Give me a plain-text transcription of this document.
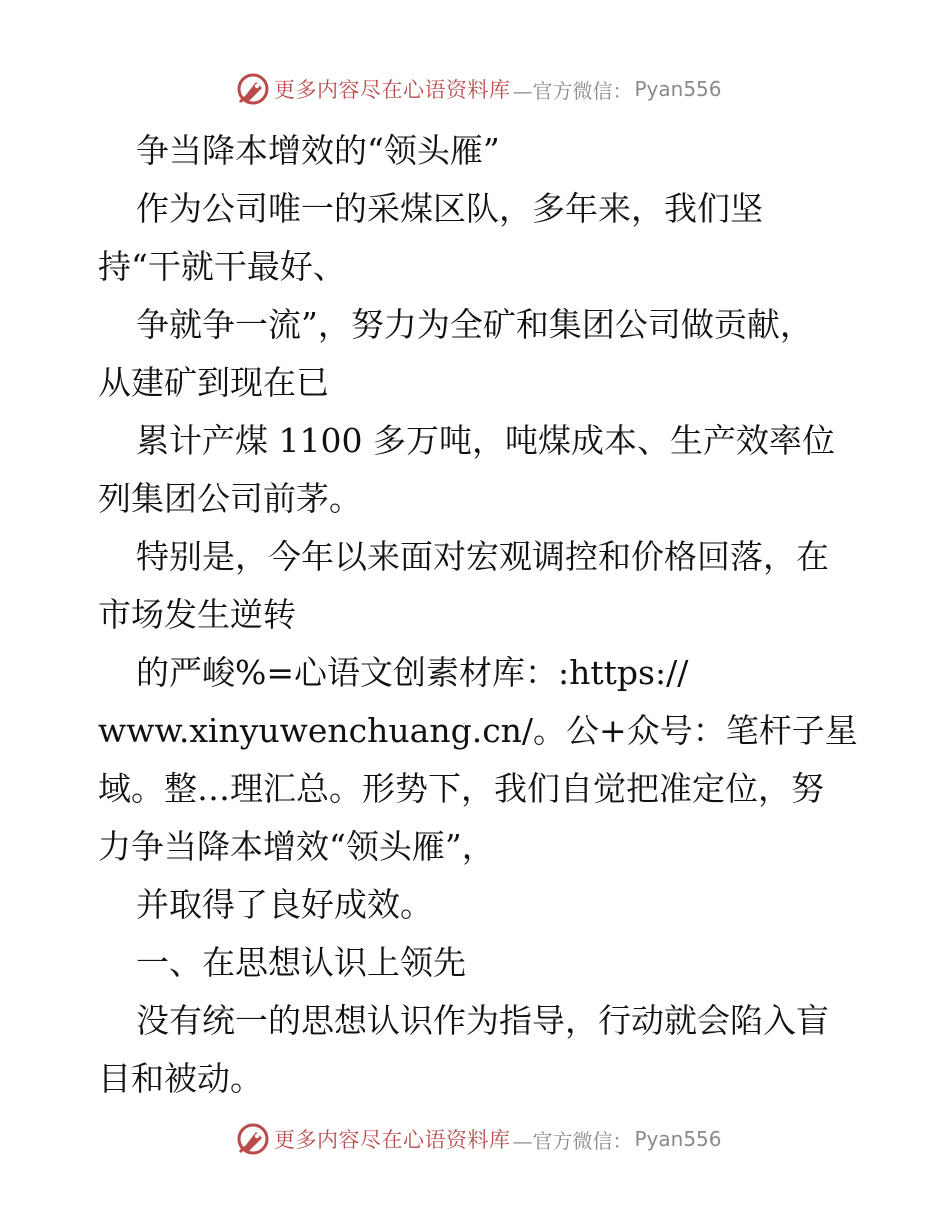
更多内容尽在心语资料库 —官方微信： Pyan556
争当降本增效的“领头雁”
作为公司唯一的采煤区队，多年来，我们坚
持“干就干最好、
争就争一流”，努力为全矿和集团公司做贡献，
从建矿到现在已
累计产煤 1100 多万吨，吨煤成本、生产效率位
列集团公司前茅。
特别是，今年以来面对宏观调控和价格回落，在
市场发生逆转
的严峻%=心语文创素材库：:https://
www.xinyuwenchuang.cn/。公+众号：笔杆子星
域。整…理汇总。形势下，我们自觉把准定位，努
力争当降本增效“领头雁”，
并取得了良好成效。
一、在思想认识上领先
没有统一的思想认识作为指导，行动就会陷入盲
目和被动。
更多内容尽在心语资料库 —官方微信： Pyan556
